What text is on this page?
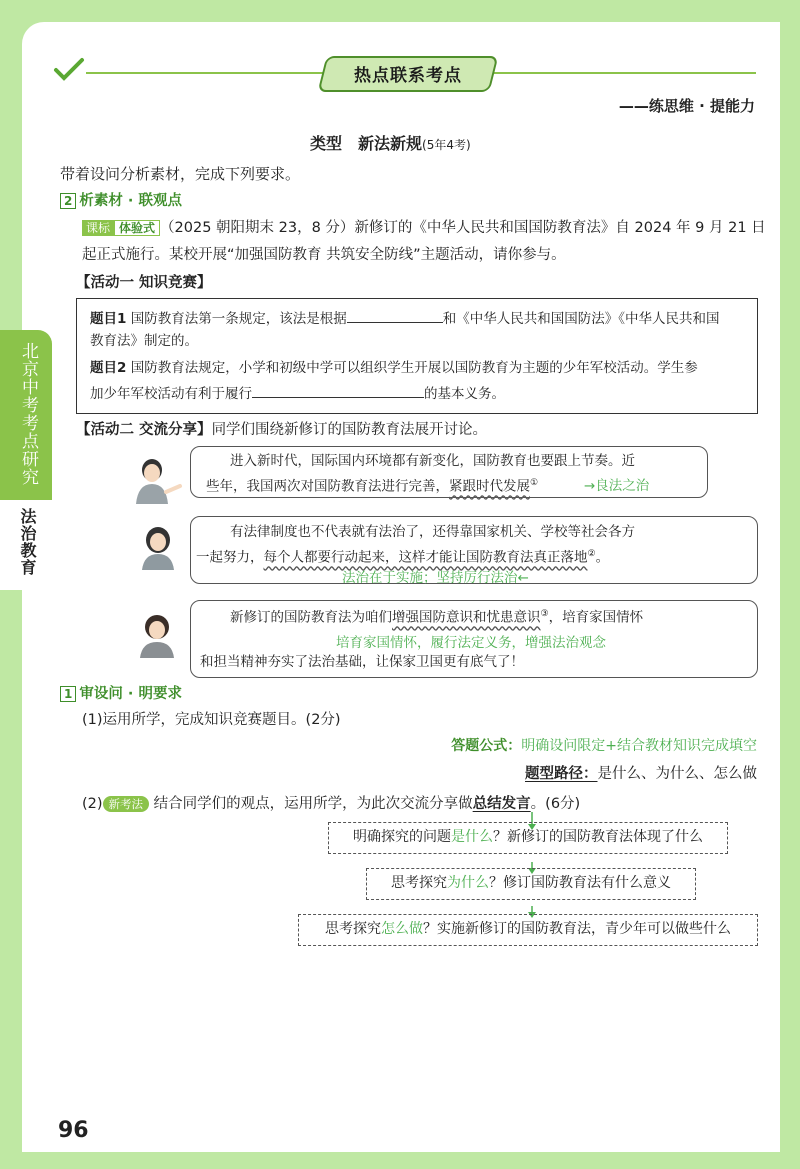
北京中考考点研究
法治教育
热点联系考点
——练思维 · 提能力
类型　新法新规(5年4考)
带着设问分析素材，完成下列要求。
2 析素材 · 联观点
课标 体验式 （2025 朝阳期末 23，8 分）新修订的《中华人民共和国国防教育法》自 2024 年 9 月 21 日
起正式施行。某校开展“加强国防教育 共筑安全防线”主题活动，请你参与。
【活动一 知识竞赛】
题目1 国防教育法第一条规定，该法是根据	和《中华人民共和国国防法》《中华人民共和国
教育法》制定的。
题目2 国防教育法规定，小学和初级中学可以组织学生开展以国防教育为主题的少年军校活动。学生参
加少年军校活动有利于履行	的基本义务。
【活动二 交流分享】同学们围绕新修订的国防教育法展开讨论。
进入新时代，国际国内环境都有新变化，国防教育也要跟上节奏。近
些年，我国两次对国防教育法进行完善，紧跟时代发展①	→良法之治
有法律制度也不代表就有法治了，还得靠国家机关、学校等社会各方
一起努力，每个人都要行动起来，这样才能让国防教育法真正落地②。
法治在于实施；坚持厉行法治←
新修订的国防教育法为咱们增强国防意识和忧患意识③，培育家国情怀
培育家国情怀，履行法定义务，增强法治观念
和担当精神夯实了法治基础，让保家卫国更有底气了！
1 审设问 · 明要求
(1)运用所学，完成知识竞赛题目。(2分)
答题公式：明确设问限定+结合教材知识完成填空
题型路径：是什么、为什么、怎么做
(2) 新考法 结合同学们的观点，运用所学，为此次交流分享做总结发言。(6分)
明确探究的问题是什么？新修订的国防教育法体现了什么
思考探究为什么？修订国防教育法有什么意义
思考探究怎么做？实施新修订的国防教育法，青少年可以做些什么
96
